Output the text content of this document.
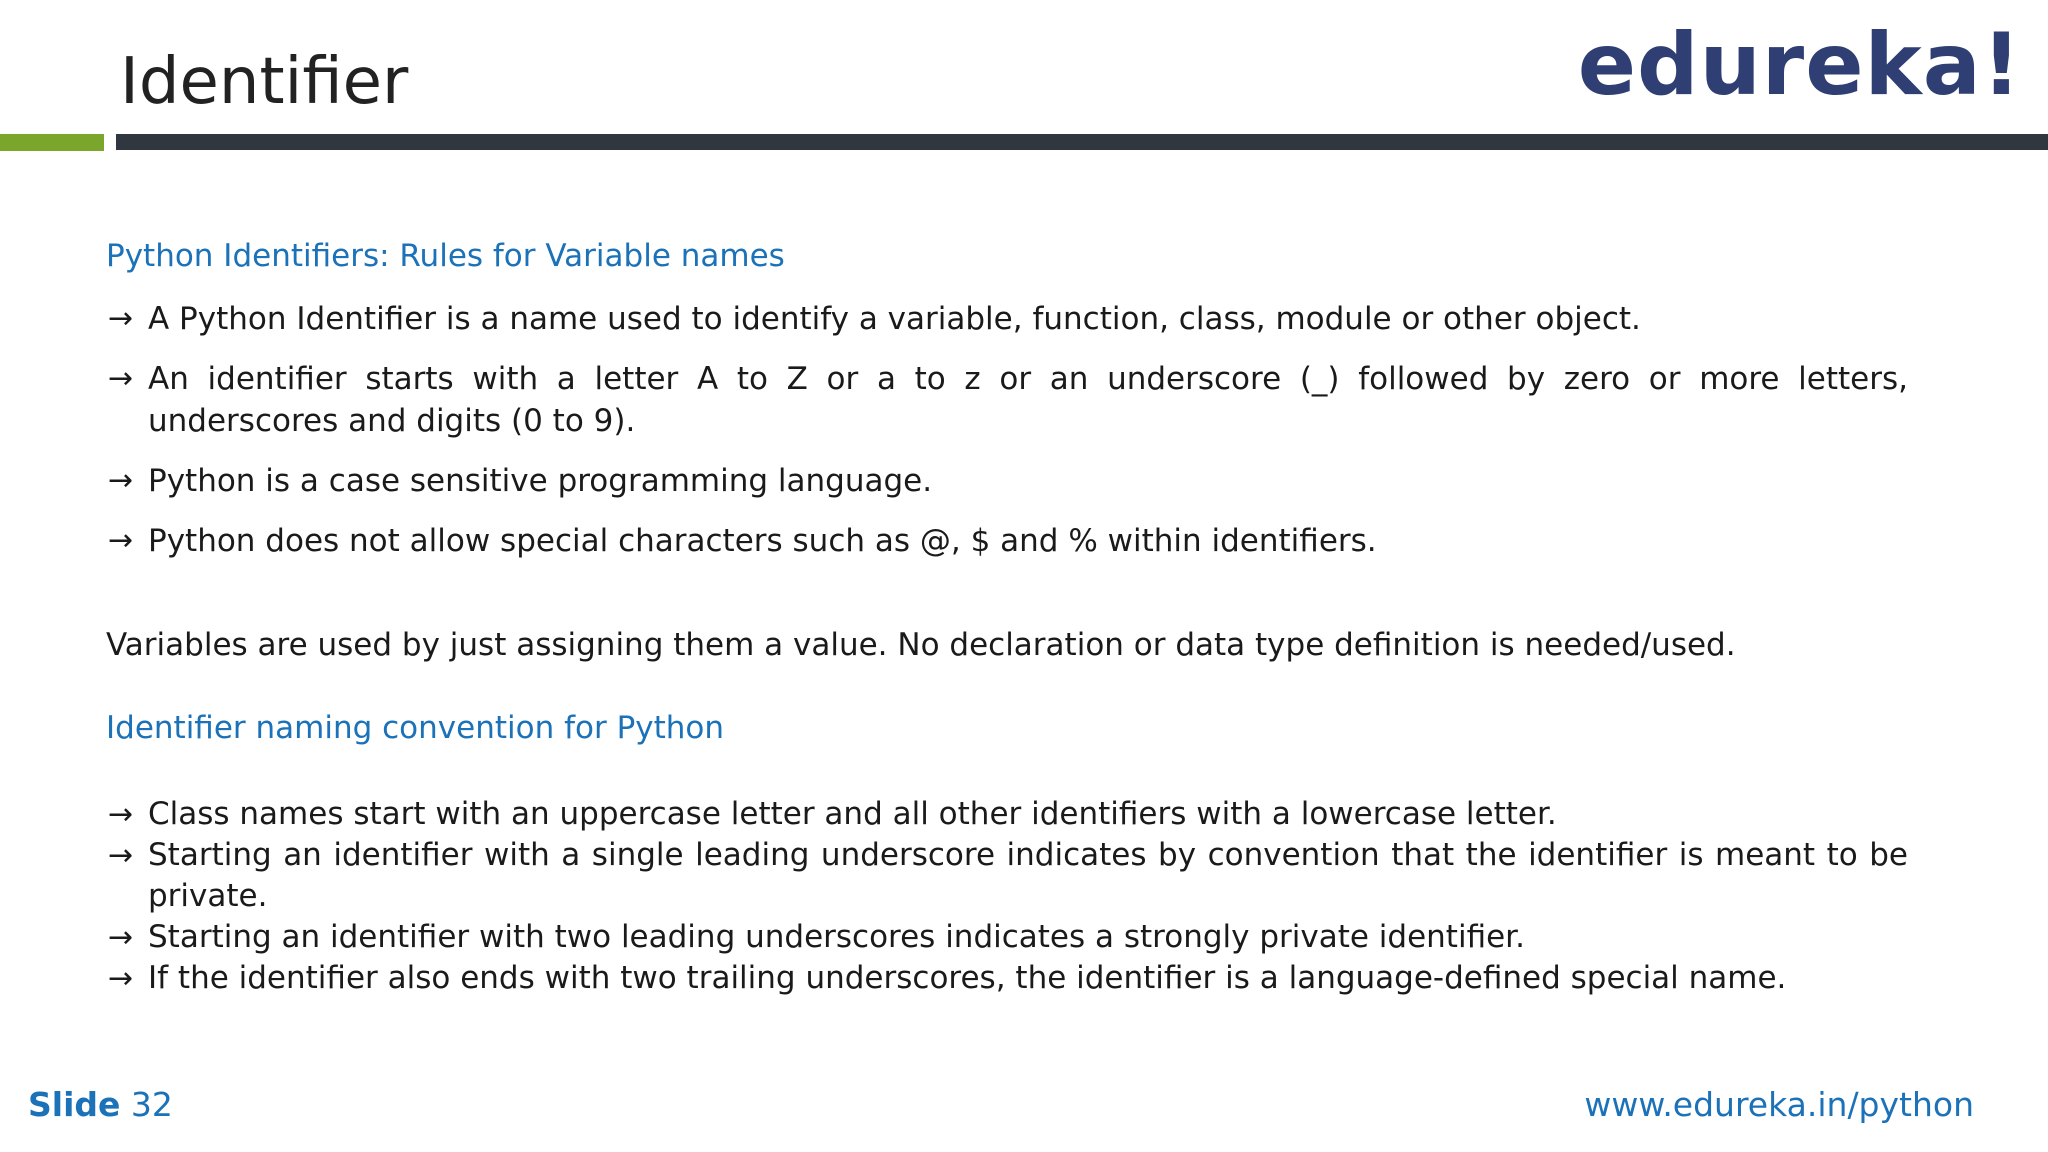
Identifier	edureka!

Python Identifiers: Rules for Variable names

→ A Python Identifier is a name used to identify a variable, function, class, module or other object.
→ An identifier starts with a letter A to Z or a to z or an underscore (_) followed by zero or more letters, underscores and digits (0 to 9).
→ Python is a case sensitive programming language.
→ Python does not allow special characters such as @, $ and % within identifiers.

Variables are used by just assigning them a value. No declaration or data type definition is needed/used.

Identifier naming convention for Python

→ Class names start with an uppercase letter and all other identifiers with a lowercase letter.
→ Starting an identifier with a single leading underscore indicates by convention that the identifier is meant to be private.
→ Starting an identifier with two leading underscores indicates a strongly private identifier.
→ If the identifier also ends with two trailing underscores, the identifier is a language-defined special name.
Slide 32	www.edureka.in/python
